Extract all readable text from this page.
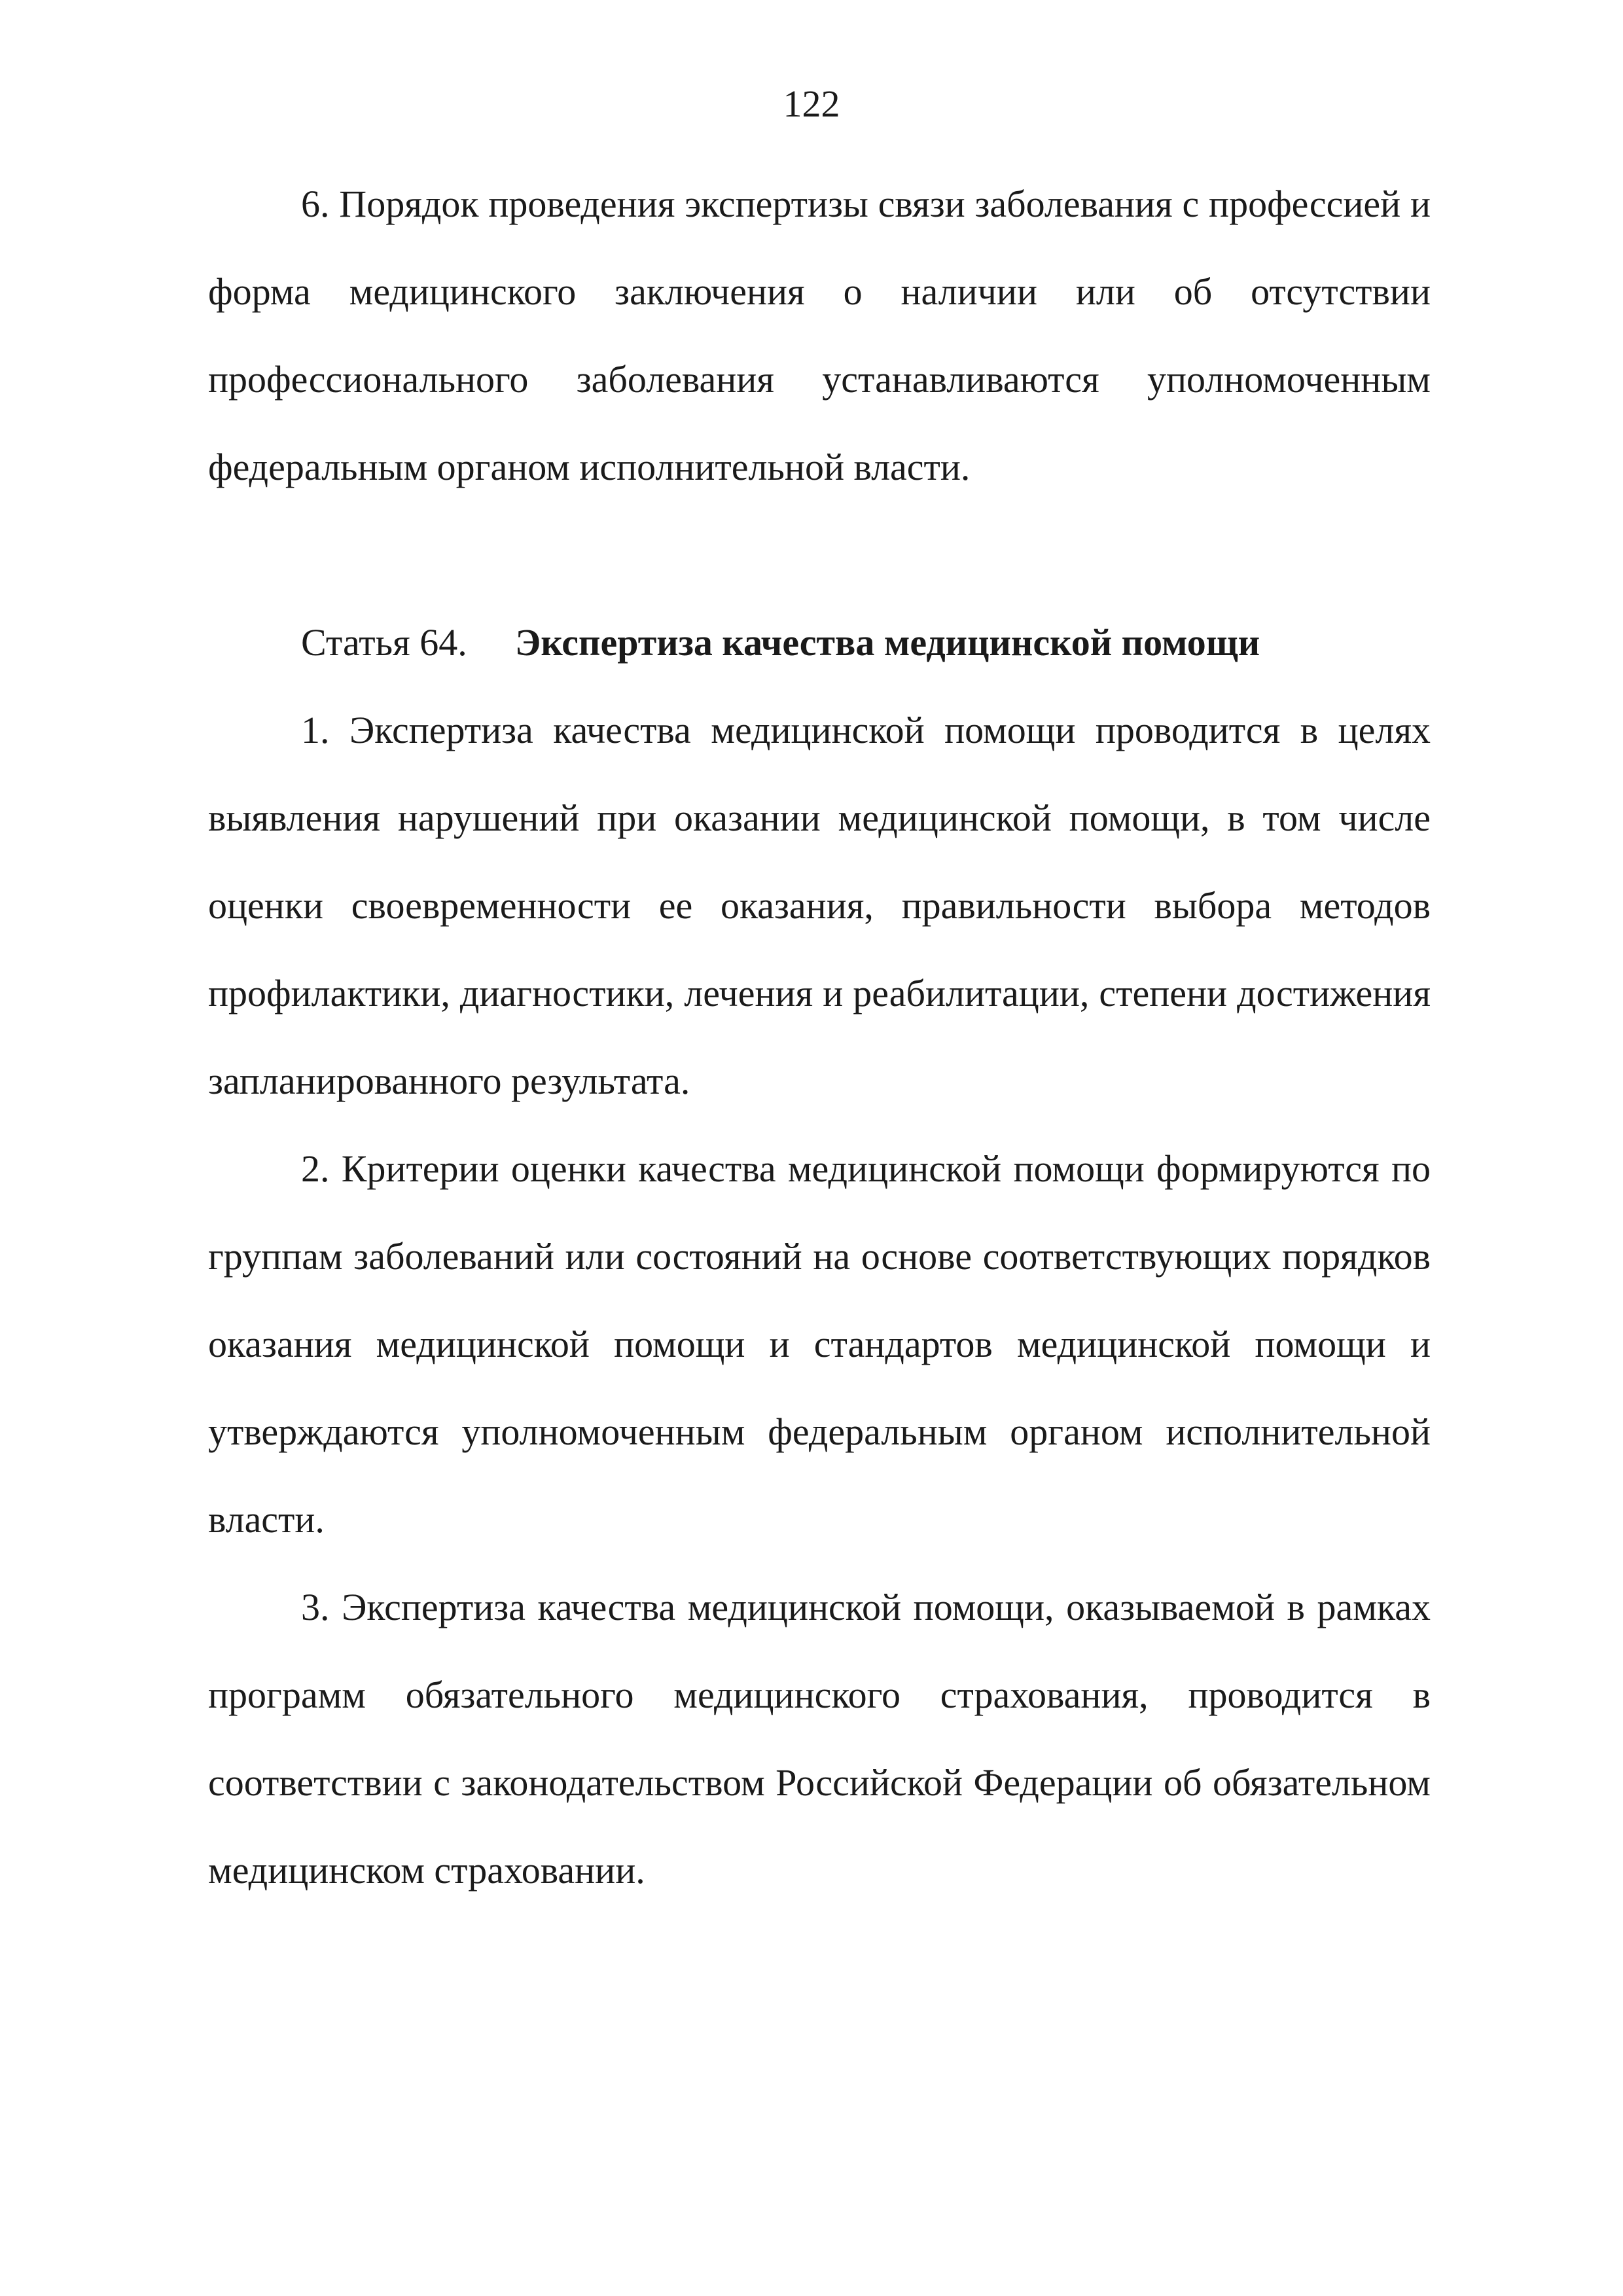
122

6. Порядок проведения экспертизы связи заболевания с профессией и форма медицинского заключения о наличии или об отсутствии профессионального заболевания устанавливаются уполномоченным федеральным органом исполнительной власти.

Статья 64. Экспертиза качества медицинской помощи

1. Экспертиза качества медицинской помощи проводится в целях выявления нарушений при оказании медицинской помощи, в том числе оценки своевременности ее оказания, правильности выбора методов профилактики, диагностики, лечения и реабилитации, степени достижения запланированного результата.

2. Критерии оценки качества медицинской помощи формируются по группам заболеваний или состояний на основе соответствующих порядков оказания медицинской помощи и стандартов медицинской помощи и утверждаются уполномоченным федеральным органом исполнительной власти.

3. Экспертиза качества медицинской помощи, оказываемой в рамках программ обязательного медицинского страхования, проводится в соответствии с законодательством Российской Федерации об обязательном медицинском страховании.
